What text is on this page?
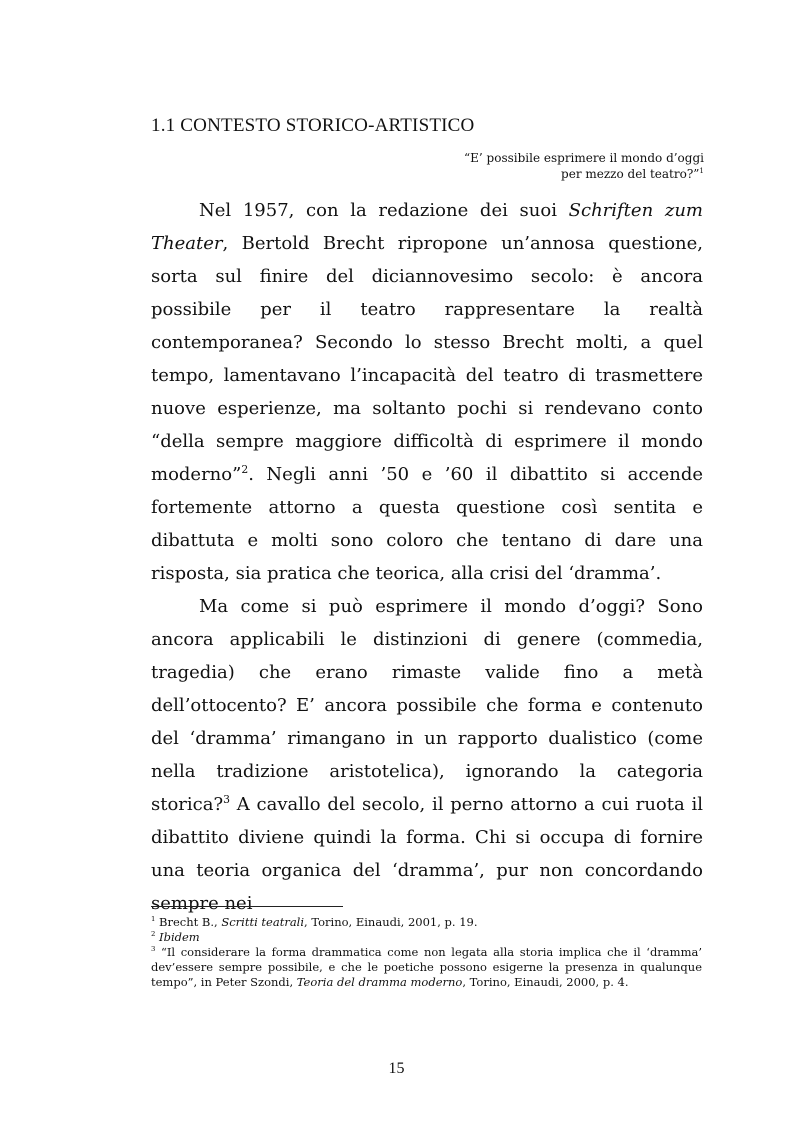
1.1 CONTESTO STORICO-ARTISTICO
“E’ possibile esprimere il mondo d’oggi
per mezzo del teatro?”$^1$

Nel 1957, con la redazione dei suoi Schriften zum Theater, Bertold Brecht ripropone un’annosa questione, sorta sul finire del diciannovesimo secolo: è ancora possibile per il teatro rappresentare la realtà contemporanea? Secondo lo stesso Brecht molti, a quel tempo, lamentavano l’incapacità del teatro di trasmettere nuove esperienze, ma soltanto pochi si rendevano conto “della sempre maggiore difficoltà di esprimere il mondo moderno”$^2$. Negli anni ’50 e ’60 il dibattito si accende fortemente attorno a questa questione così sentita e dibattuta e molti sono coloro che tentano di dare una risposta, sia pratica che teorica, alla crisi del ‘dramma’.

Ma come si può esprimere il mondo d’oggi? Sono ancora applicabili le distinzioni di genere (commedia, tragedia) che erano rimaste valide fino a metà dell’ottocento? E’ ancora possibile che forma e contenuto del ‘dramma’ rimangano in un rapporto dualistico (come nella tradizione aristotelica), ignorando la categoria storica?$^3$ A cavallo del secolo, il perno attorno a cui ruota il dibattito diviene quindi la forma. Chi si occupa di fornire una teoria organica del ‘dramma’, pur non concordando sempre nei

$^1$ Brecht B., Scritti teatrali, Torino, Einaudi, 2001, p. 19.

$^2$ Ibidem

$^3$ “Il considerare la forma drammatica come non legata alla storia implica che il ‘dramma’ dev’essere sempre possibile, e che le poetiche possono esigerne la presenza in qualunque tempo”, in Peter Szondi, Teoria del dramma moderno, Torino, Einaudi, 2000, p. 4.

15
